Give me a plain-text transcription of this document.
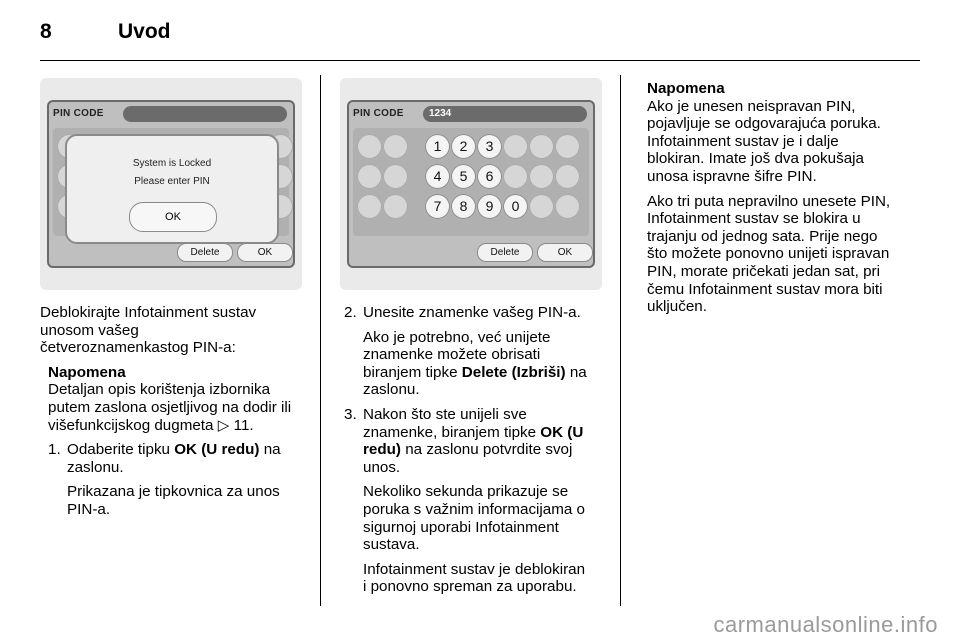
8	Uvod
PIN CODE
System is Locked
Please enter PIN
OK
Delete	OK
PIN CODE	1234
1	2	3
4	5	6
7	8	9	0
Delete	OK

Deblokirajte Infotainment sustav

unosom vašeg

četveroznamenkastog PIN-a:

Napomena

Detaljan opis korištenja izbornika

putem zaslona osjetljivog na dodir ili

višefunkcijskog dugmeta ▷ 11.

1. Odaberite tipku OK (U redu) na

zaslonu.

Prikazana je tipkovnica za unos

PIN-a.

2. Unesite znamenke vašeg PIN-a.

Ako je potrebno, već unijete

znamenke možete obrisati

biranjem tipke Delete (Izbriši) na

zaslonu.

3. Nakon što ste unijeli sve

znamenke, biranjem tipke OK (U

redu) na zaslonu potvrdite svoj

unos.

Nekoliko sekunda prikazuje se

poruka s važnim informacijama o

sigurnoj uporabi Infotainment

sustava.

Infotainment sustav je deblokiran

i ponovno spreman za uporabu.

Napomena

Ako je unesen neispravan PIN,

pojavljuje se odgovarajuća poruka.

Infotainment sustav je i dalje

blokiran. Imate još dva pokušaja

unosa ispravne šifre PIN.

Ako tri puta nepravilno unesete PIN,

Infotainment sustav se blokira u

trajanju od jednog sata. Prije nego

što možete ponovno unijeti ispravan

PIN, morate pričekati jedan sat, pri

čemu Infotainment sustav mora biti

uključen.

carmanualsonline.info
